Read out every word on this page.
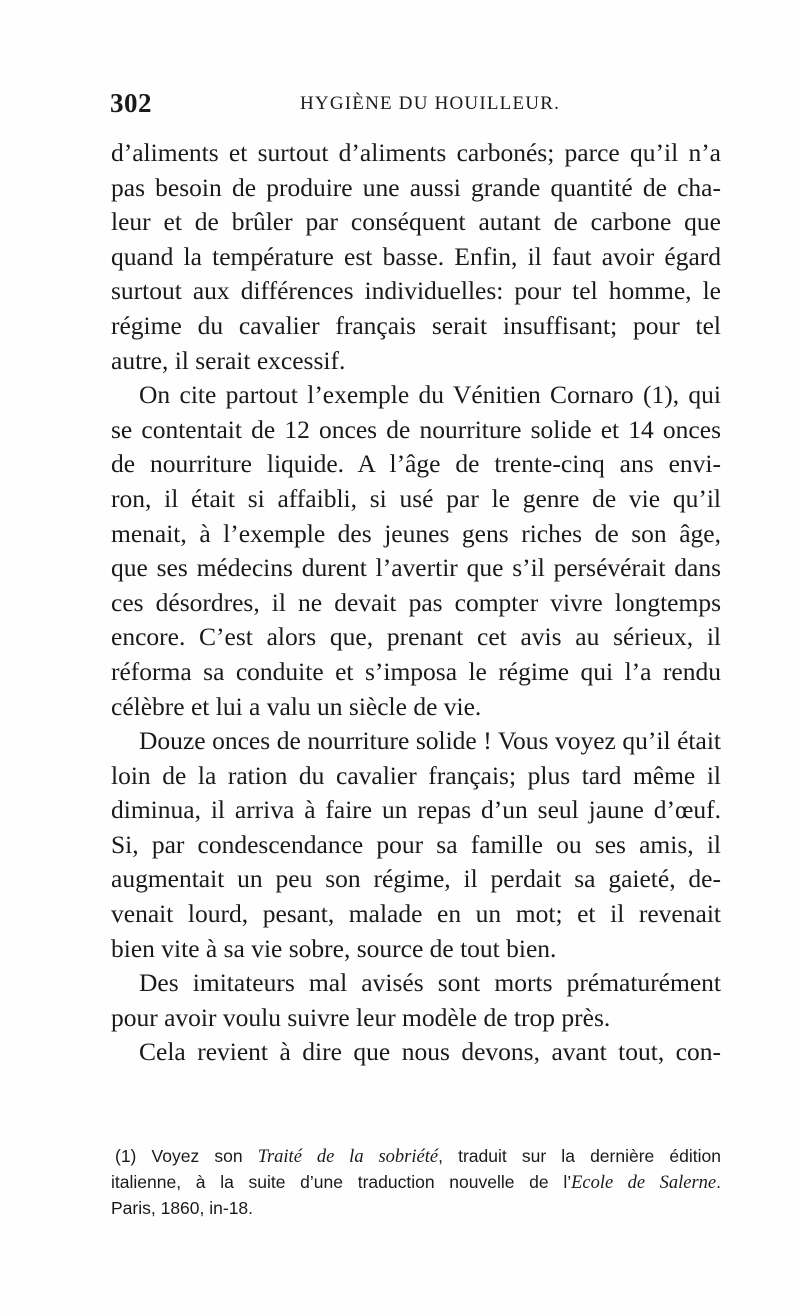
302	HYGIÈNE DU HOUILLEUR.
d’aliments et surtout d’aliments carbonés; parce qu’il n’a
pas besoin de produire une aussi grande quantité de cha-
leur et de brûler par conséquent autant de carbone que
quand la température est basse. Enfin, il faut avoir égard
surtout aux différences individuelles: pour tel homme, le
régime du cavalier français serait insuffisant; pour tel
autre, il serait excessif.
On cite partout l’exemple du Vénitien Cornaro (1), qui
se contentait de 12 onces de nourriture solide et 14 onces
de nourriture liquide. A l’âge de trente-cinq ans envi-
ron, il était si affaibli, si usé par le genre de vie qu’il
menait, à l’exemple des jeunes gens riches de son âge,
que ses médecins durent l’avertir que s’il persévérait dans
ces désordres, il ne devait pas compter vivre longtemps
encore. C’est alors que, prenant cet avis au sérieux, il
réforma sa conduite et s’imposa le régime qui l’a rendu
célèbre et lui a valu un siècle de vie.
Douze onces de nourriture solide ! Vous voyez qu’il était
loin de la ration du cavalier français; plus tard même il
diminua, il arriva à faire un repas d’un seul jaune d’œuf.
Si, par condescendance pour sa famille ou ses amis, il
augmentait un peu son régime, il perdait sa gaieté, de-
venait lourd, pesant, malade en un mot; et il revenait
bien vite à sa vie sobre, source de tout bien.
Des imitateurs mal avisés sont morts prématurément
pour avoir voulu suivre leur modèle de trop près.
Cela revient à dire que nous devons, avant tout, con-
(1) Voyez son Traité de la sobriété, traduit sur la dernière édition
italienne, à la suite d’une traduction nouvelle de l’Ecole de Salerne.
Paris, 1860, in-18.
